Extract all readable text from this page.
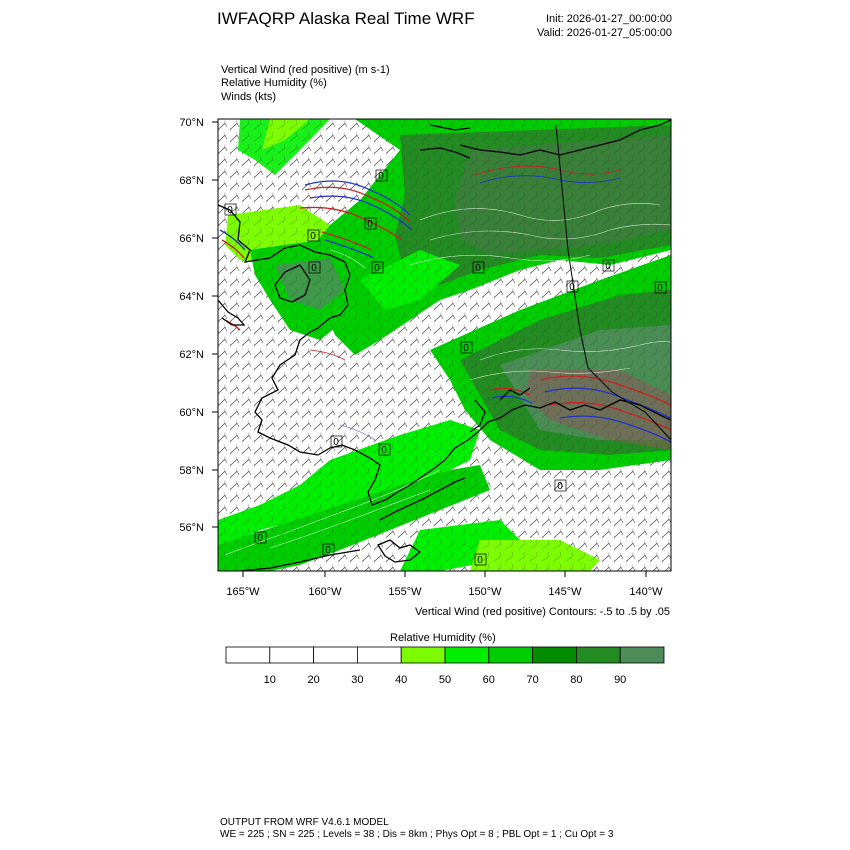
IWFAQRP Alaska Real Time WRF	Init: 2026-01-27_00:00:00
Valid: 2026-01-27_05:00:00
Vertical Wind (red positive) (m s-1)
Relative Humidity (%)
Winds (kts)
70°N
68°N
66°N
64°N
62°N
60°N
58°N
56°N
165°W	160°W	155°W	150°W	145°W	140°W
0
0
0	0
0
0
0
0
0
0
0
0
0
0
0
0
0
10	20	30	40	50	60	70	80	90
Vertical Wind (red positive) Contours: -.5 to .5 by .05
Relative Humidity (%)
OUTPUT FROM WRF V4.6.1 MODEL
WE = 225 ; SN = 225 ; Levels = 38 ; Dis = 8km ; Phys Opt = 8 ; PBL Opt = 1 ; Cu Opt = 3
